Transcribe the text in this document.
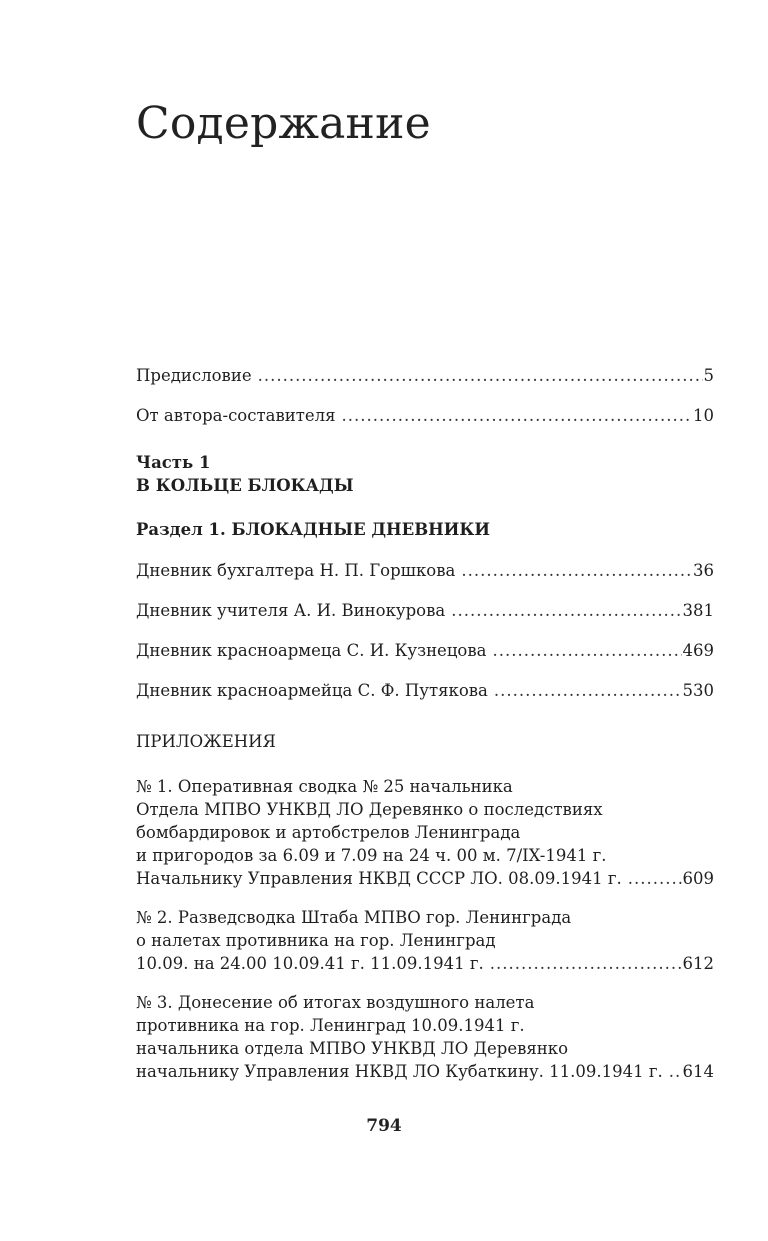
Содержание
Предисловие .....	5
От автора-составителя .....	10
Часть 1
В КОЛЬЦЕ БЛОКАДЫ
Раздел 1. БЛОКАДНЫЕ ДНЕВНИКИ
Дневник бухгалтера Н. П. Горшкова .....	36
Дневник учителя А. И. Винокурова .....	381
Дневник красноармеца С. И. Кузнецова .....	469
Дневник красноармейца С. Ф. Путякова .....	530
ПРИЛОЖЕНИЯ
№ 1. Оперативная сводка № 25 начальника
Отдела МПВО УНКВД ЛО Деревянко о последствиях
бомбардировок и артобстрелов Ленинграда
и пригородов за 6.09 и 7.09 на 24 ч. 00 м. 7/IX-1941 г.
Начальнику Управления НКВД СССР ЛО. 08.09.1941 г. .....	609
№ 2. Разведсводка Штаба МПВО гор. Ленинграда
о налетах противника на гор. Ленинград
10.09. на 24.00 10.09.41 г. 11.09.1941 г. .....	612
№ 3. Донесение об итогах воздушного налета
противника на гор. Ленинград 10.09.1941 г.
начальника отдела МПВО УНКВД ЛО Деревянко
начальнику Управления НКВД ЛО Кубаткину. 11.09.1941 г. ..... 614
794
